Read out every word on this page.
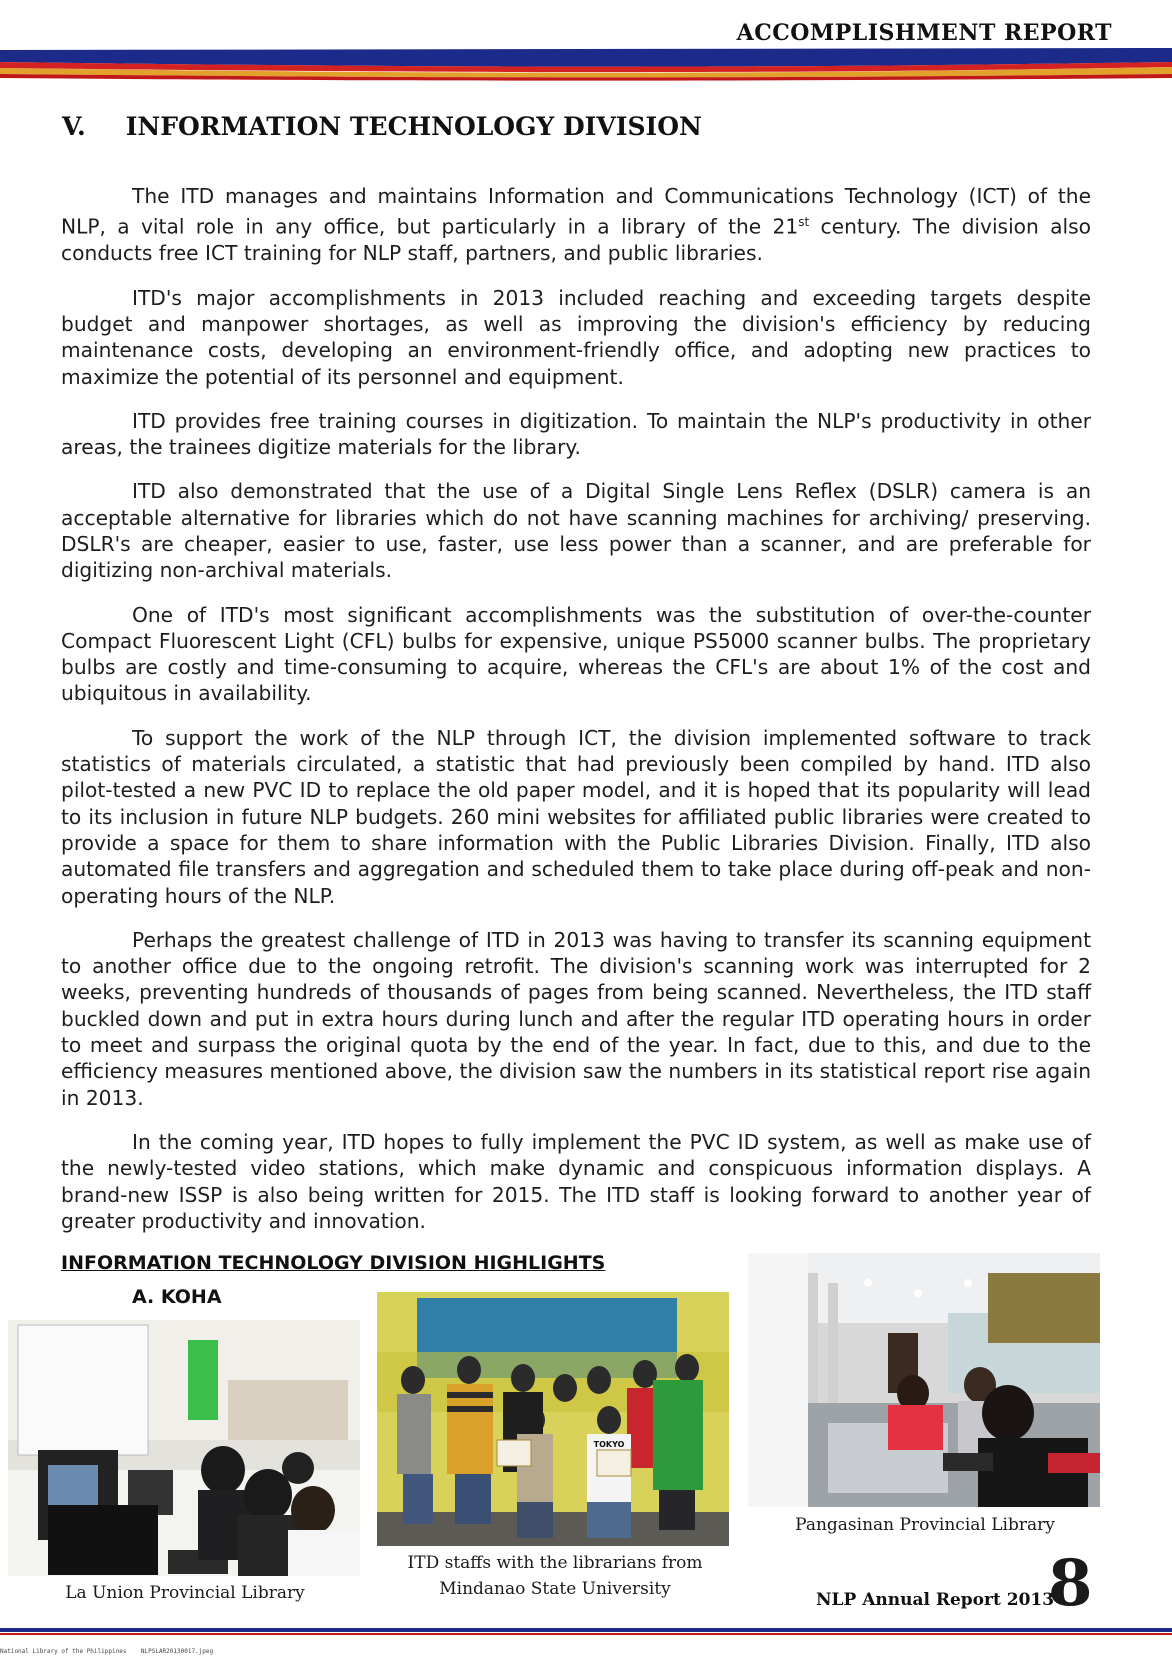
ACCOMPLISHMENT REPORT
V. INFORMATION TECHNOLOGY DIVISION

The ITD manages and maintains Information and Communications Technology (ICT) of the NLP, a vital role in any office, but particularly in a library of the 21st century. The division also conducts free ICT training for NLP staff, partners, and public libraries.

ITD's major accomplishments in 2013 included reaching and exceeding targets despite budget and manpower shortages, as well as improving the division's efficiency by reducing maintenance costs, developing an environment-friendly office, and adopting new practices to maximize the potential of its personnel and equipment.

ITD provides free training courses in digitization. To maintain the NLP's productivity in other areas, the trainees digitize materials for the library.

ITD also demonstrated that the use of a Digital Single Lens Reflex (DSLR) camera is an acceptable alternative for libraries which do not have scanning machines for archiving/ preserving. DSLR's are cheaper, easier to use, faster, use less power than a scanner, and are preferable for digitizing non-archival materials.

One of ITD's most significant accomplishments was the substitution of over-the-counter Compact Fluorescent Light (CFL) bulbs for expensive, unique PS5000 scanner bulbs. The proprietary bulbs are costly and time-consuming to acquire, whereas the CFL's are about 1% of the cost and ubiquitous in availability.

To support the work of the NLP through ICT, the division implemented software to track statistics of materials circulated, a statistic that had previously been compiled by hand. ITD also pilot-tested a new PVC ID to replace the old paper model, and it is hoped that its popularity will lead to its inclusion in future NLP budgets. 260 mini websites for affiliated public libraries were created to provide a space for them to share information with the Public Libraries Division. Finally, ITD also automated file transfers and aggregation and scheduled them to take place during off-peak and non-operating hours of the NLP.

Perhaps the greatest challenge of ITD in 2013 was having to transfer its scanning equipment to another office due to the ongoing retrofit. The division's scanning work was interrupted for 2 weeks, preventing hundreds of thousands of pages from being scanned. Nevertheless, the ITD staff buckled down and put in extra hours during lunch and after the regular ITD operating hours in order to meet and surpass the original quota by the end of the year. In fact, due to this, and due to the efficiency measures mentioned above, the division saw the numbers in its statistical report rise again in 2013.

In the coming year, ITD hopes to fully implement the PVC ID system, as well as make use of the newly-tested video stations, which make dynamic and conspicuous information displays. A brand-new ISSP is also being written for 2015. The ITD staff is looking forward to another year of greater productivity and innovation.

INFORMATION TECHNOLOGY DIVISION HIGHLIGHTS
A. KOHA
La Union Provincial Library
TOKYO
ITD staffs with the librarians from
Mindanao State University
Pangasinan Provincial Library
NLP Annual Report 2013
8
National Library of the Philippines    NLPSLAR20130017.jpeg
